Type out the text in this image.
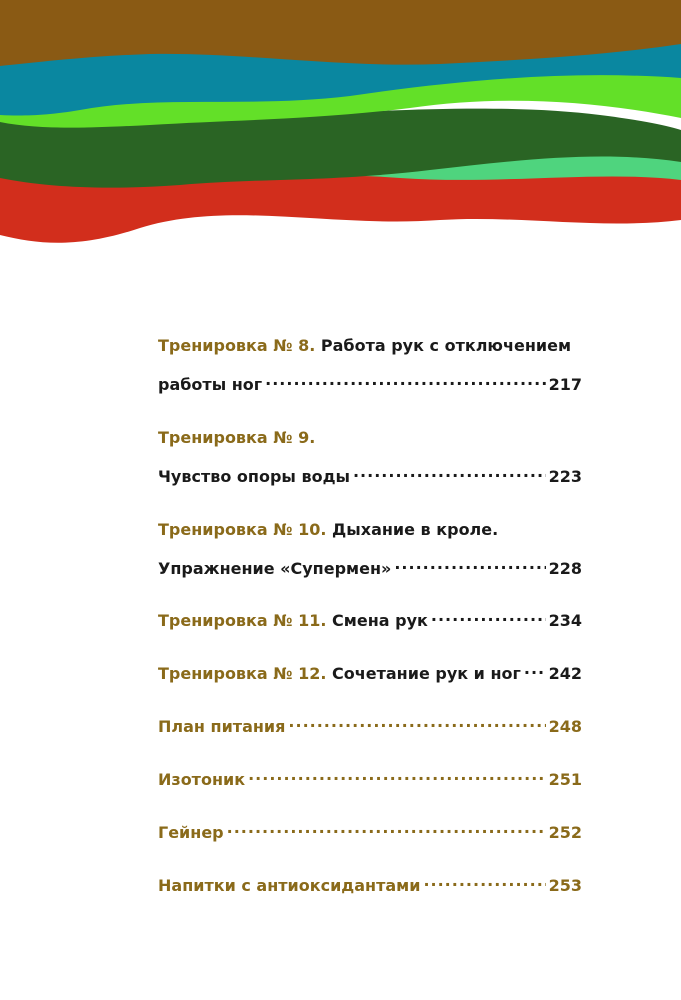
Тренировка № 8.
Работа рук с отключением
работы ног .....	217
Тренировка № 9.
Чувство опоры воды .....	223
Тренировка № 10.
Дыхание в кроле.
Упражнение «Супермен» .....	228
Тренировка № 11.
Смена рук .....	234
Тренировка № 12.
Сочетание рук и ног ..... 242
План питания .....	248
Изотоник .....	251
Гейнер .....	252
Напитки с антиоксидантами .....	253
